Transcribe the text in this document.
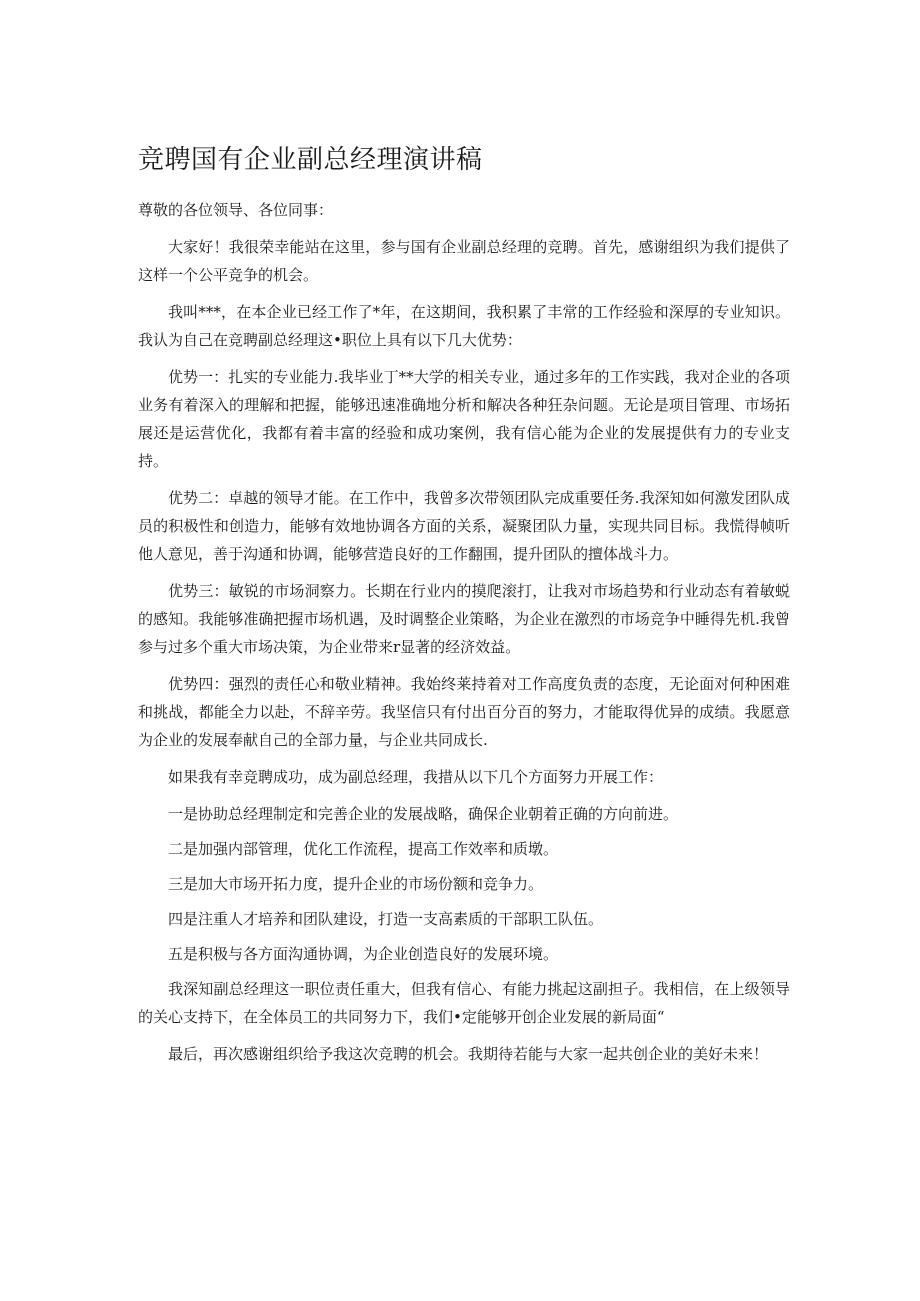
竞聘国有企业副总经理演讲稿

尊敬的各位领导、各位同事：

大家好！我很荣幸能站在这里，参与国有企业副总经理的竞聘。首先，感谢组织为我们提供了这样一个公平竞争的机会。

我叫***，在本企业已经工作了*年，在这期间，我积累了丰常的工作经验和深厚的专业知识。我认为自己在竞聘副总经理这•职位上具有以下几大优势：

优势一：扎实的专业能力.我毕业丁**大学的相关专业，通过多年的工作实践，我对企业的各项业务有着深入的理解和把握，能够迅速准确地分析和解决各种狂杂问题。无论是项目管理、市场拓展还是运营优化，我都有着丰富的经验和成功案例，我有信心能为企业的发展提供有力的专业支持。

优势二：卓越的领导才能。在工作中，我曾多次带领团队完成重要任务.我深知如何激发团队成员的积极性和创造力，能够有效地协调各方面的关系，凝聚团队力量，实现共同目标。我慌得帧听他人意见，善于沟通和协调，能够营造良好的工作翻围，提升团队的擅体战斗力。

优势三：敏锐的市场洞察力。长期在行业内的摸爬滚打，让我对市场趋势和行业动态有着敏蜕的感知。我能够准确把握市场机遇，及时调整企业策略，为企业在激烈的市场竞争中睡得先机.我曾参与过多个重大市场决策，为企业带来r显著的经济效益。

优势四：强烈的责任心和敬业精神。我始终莱持着对工作高度负责的态度，无论面对何种困难和挑战，都能全力以赴，不辞辛劳。我坚信只有付出百分百的努力，才能取得优异的成绩。我愿意为企业的发展奉献自己的全部力量，与企业共同成长.

如果我有幸竞聘成功，成为副总经理，我措从以下几个方面努力开展工作：

一是协助总经理制定和完善企业的发展战略，确保企业朝着正确的方向前进。

二是加强内部管理，优化工作流程，提高工作效率和质墩。

三是加大市场开拓力度，提升企业的市场份额和竞争力。

四是注重人才培养和团队建设，打造一支高素质的干部职工队伍。

五是积极与各方面沟通协调，为企业创造良好的发展环境。

我深知副总经理这一职位责任重大，但我有信心、有能力挑起这副担子。我相信，在上级领导的关心支持下，在全体员工的共同努力下，我们•定能够开创企业发展的新局面“

最后，再次感谢组织给予我这次竞聘的机会。我期待若能与大家一起共创企业的美好未来！
